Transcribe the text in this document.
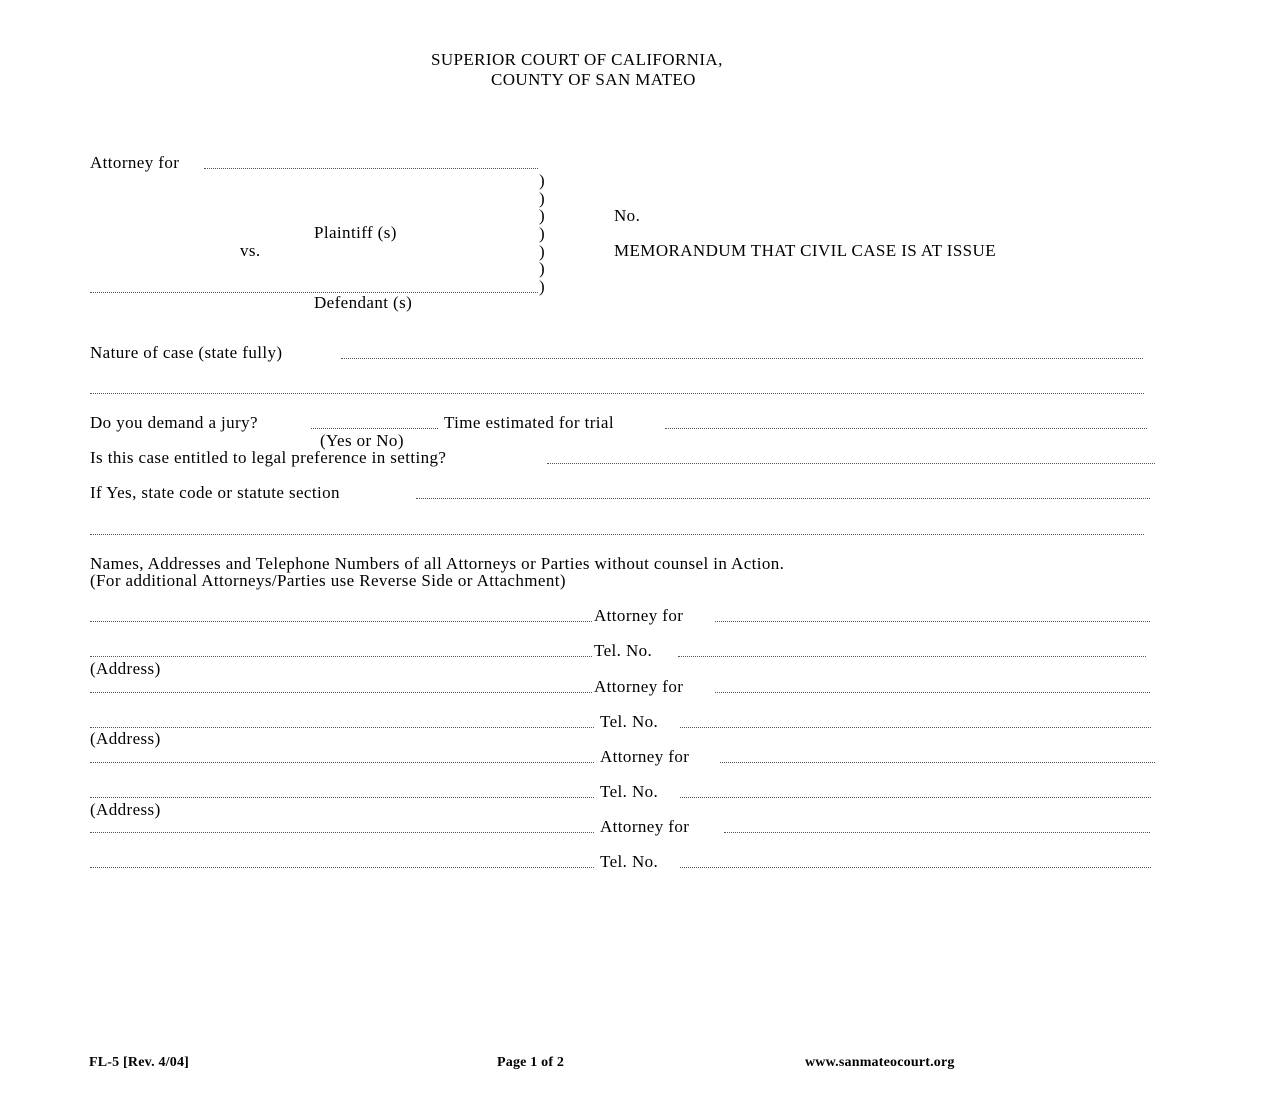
SUPERIOR COURT OF CALIFORNIA,
COUNTY OF SAN MATEO
Attorney for
)
)
)
)
)
)
)
Plaintiff (s)
vs.
Defendant (s)
No.
MEMORANDUM THAT CIVIL CASE IS AT ISSUE
Nature of case (state fully)
Do you demand a jury?	Time estimated for trial
(Yes or No)
Is this case entitled to legal preference in setting?
If Yes, state code or statute section
Names, Addresses and Telephone Numbers of all Attorneys or Parties without counsel in Action.
(For additional Attorneys/Parties use Reverse Side or Attachment)
Attorney for
Tel. No.
(Address)
Attorney for
Tel. No.
(Address)
Attorney for
Tel. No.
(Address)
Attorney for
Tel. No.
FL-5 [Rev. 4/04]	Page 1 of 2	www.sanmateocourt.org
